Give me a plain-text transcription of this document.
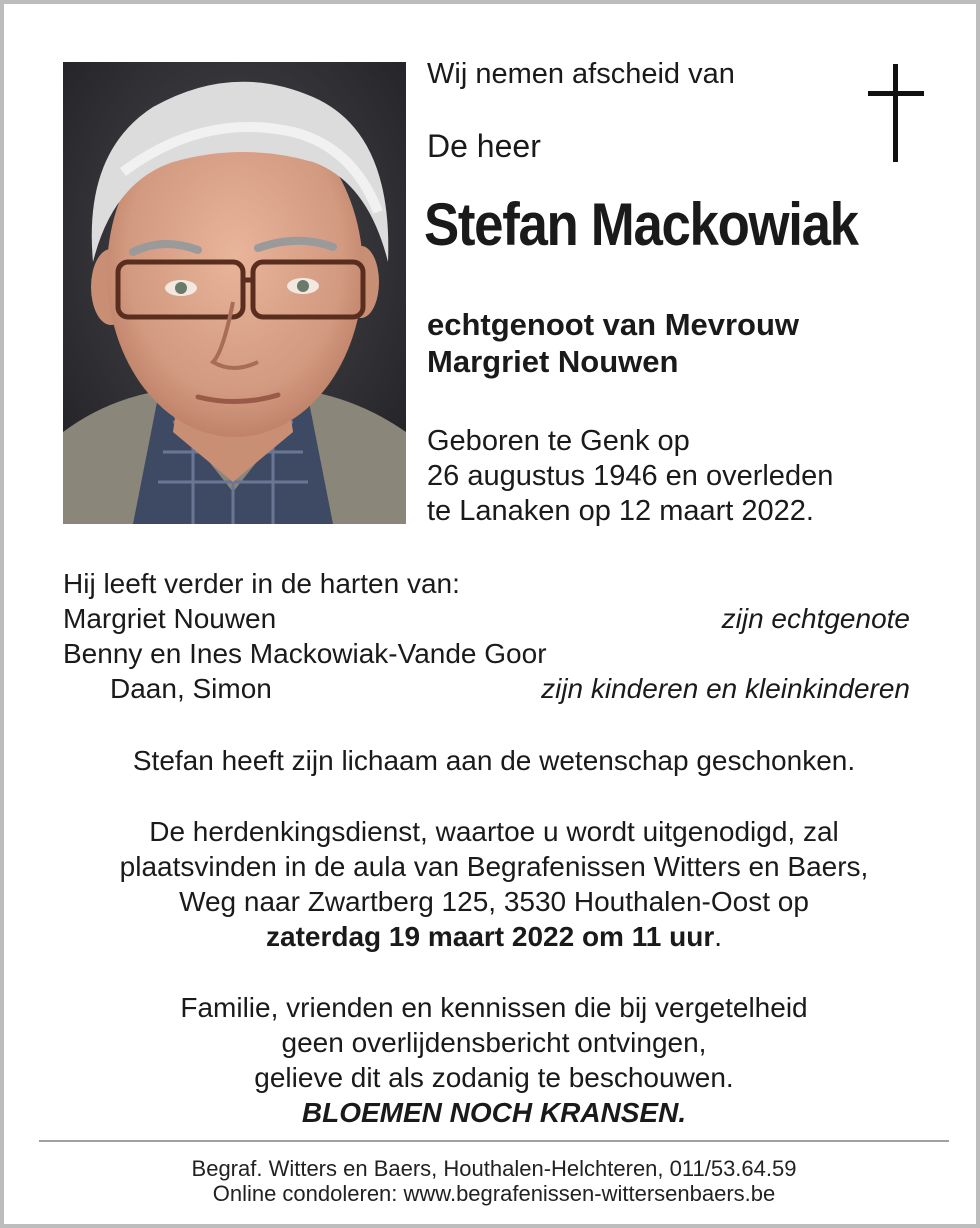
Wij nemen afscheid van
De heer
Stefan Mackowiak
echtgenoot van Mevrouw
Margriet Nouwen
Geboren te Genk op
26 augustus 1946 en overleden
te Lanaken op 12 maart 2022.
Hij leeft verder in de harten van:
Margriet Nouwen	zijn echtgenote
Benny en Ines Mackowiak-Vande Goor
Daan, Simon	zijn kinderen en kleinkinderen
Stefan heeft zijn lichaam aan de wetenschap geschonken.
De herdenkingsdienst, waartoe u wordt uitgenodigd, zal
plaatsvinden in de aula van Begrafenissen Witters en Baers,
Weg naar Zwartberg 125, 3530 Houthalen-Oost op
zaterdag 19 maart 2022 om 11 uur.
Familie, vrienden en kennissen die bij vergetelheid
geen overlijdensbericht ontvingen,
gelieve dit als zodanig te beschouwen.
BLOEMEN NOCH KRANSEN.
Begraf. Witters en Baers, Houthalen-Helchteren, 011/53.64.59
Online condoleren: www.begrafenissen-wittersenbaers.be
